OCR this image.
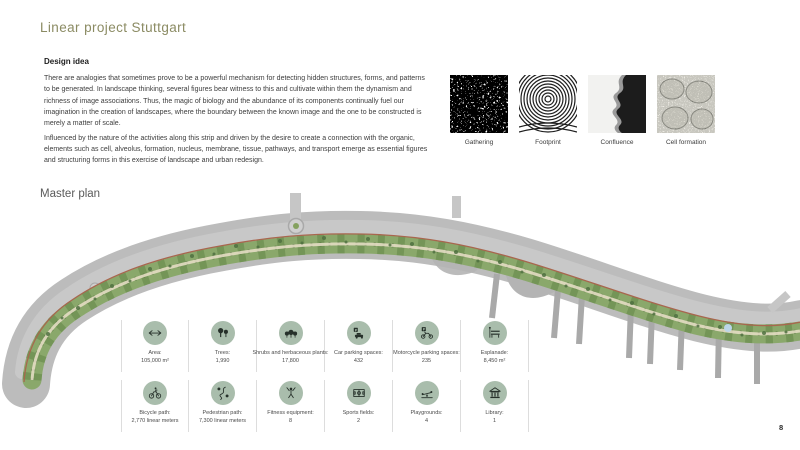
Linear project Stuttgart
Design idea

There are analogies that sometimes prove to be a powerful mechanism for detecting hidden structures, forms, and patterns to be generated. In landscape thinking, several figures bear witness to this and cultivate within them the dynamism and richness of image associations. Thus, the magic of biology and the abundance of its components continually fuel our imagination in the creation of landscapes, where the boundary between the known image and the one to be constructed is merely a matter of scale.

Influenced by the nature of the activities along this strip and driven by the desire to create a connection with the organic, elements such as cell, alveolus, formation, nucleus, membrane, tissue, pathways, and transport emerge as essential figures and structuring forms in this exercise of landscape and urban redesign.

Gathering	Footprint	Confluence	Cell formation
Master plan
Area:
105,000 m²
Trees:
1,990
Shrubs and herbaceous plants:
17,800
P
Car parking spaces:
432
P
Motorcycle parking spaces:
235
Esplanade:
8,450 m²
Bicycle path:
2,770 linear meters
Pedestrian path:
7,300 linear meters
Fitness equipment:
8
Sports fields:
2
Playgrounds:
4
Library:
1
8
